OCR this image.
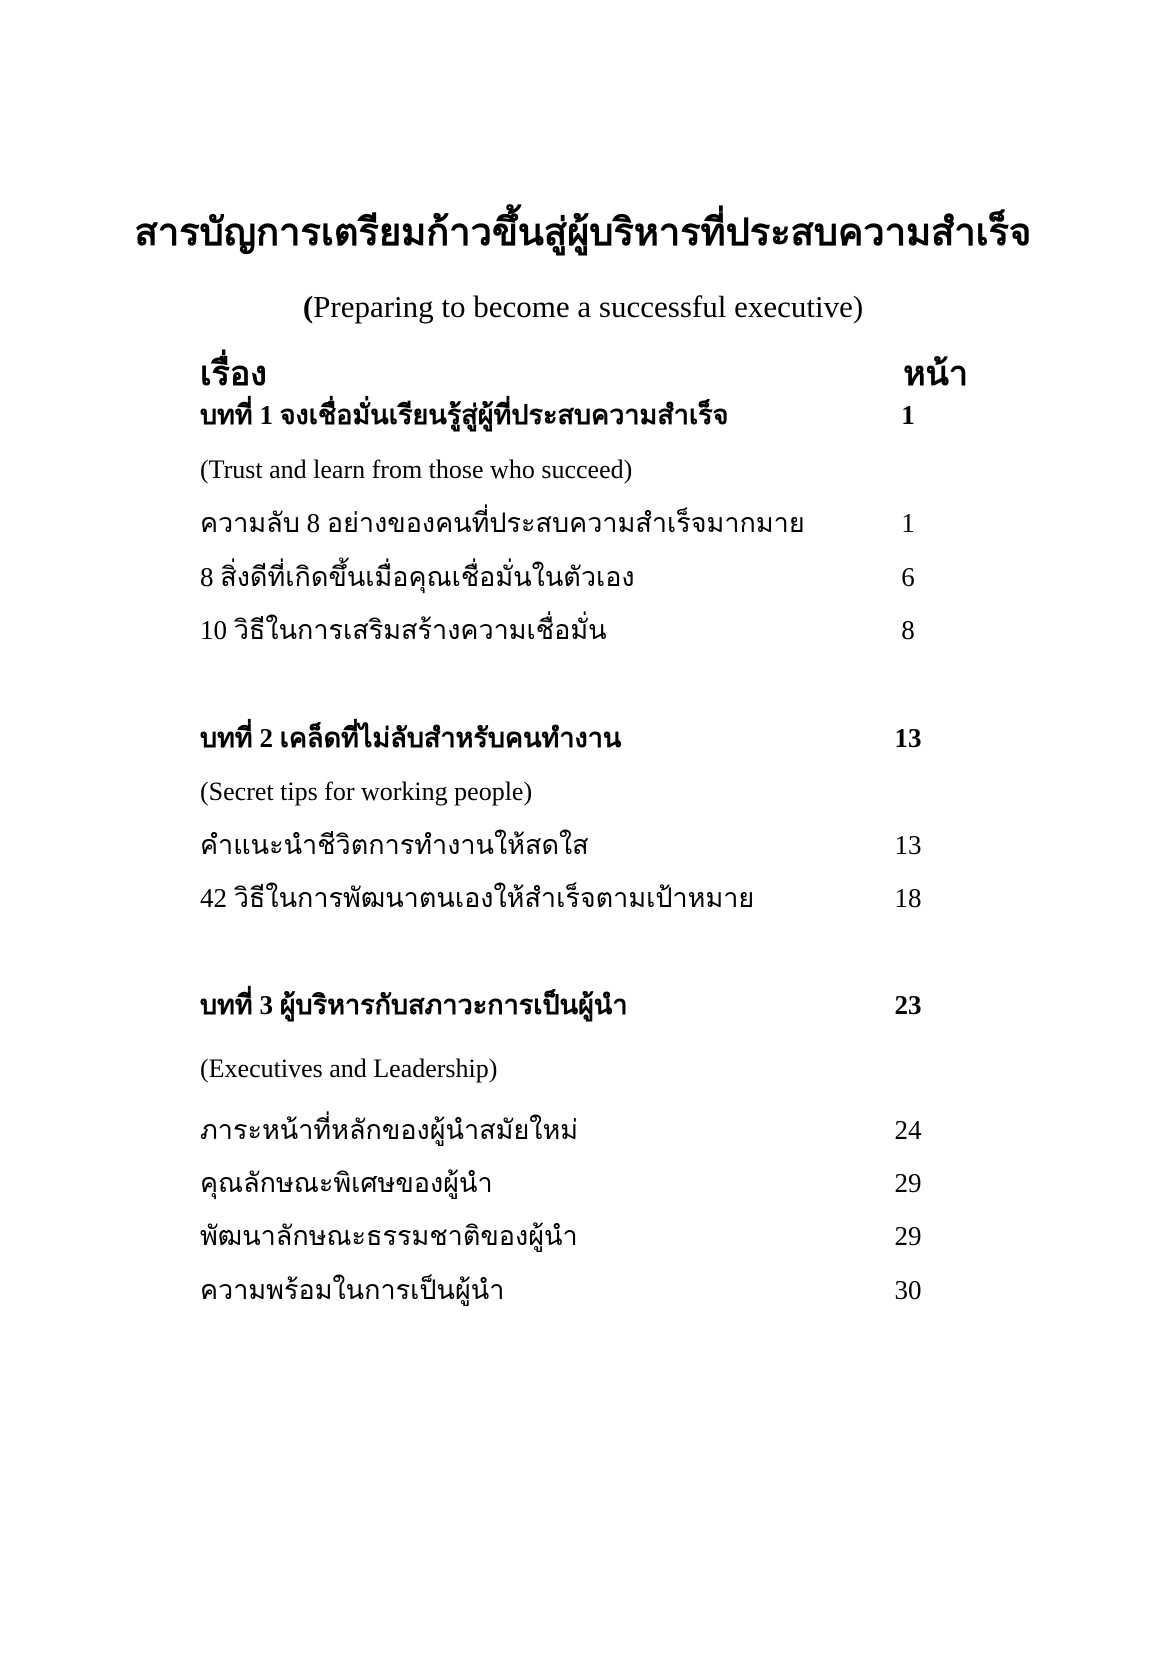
สารบัญการเตรียมก้าวขึ้นสู่ผู้บริหารที่ประสบความสำเร็จ
(Preparing to become a successful executive)
เรื่อง	หน้า
บทที่ 1 จงเชื่อมั่นเรียนรู้สู่ผู้ที่ประสบความสำเร็จ	1
(Trust and learn from those who succeed)
ความลับ 8 อย่างของคนที่ประสบความสำเร็จมากมาย	1
8 สิ่งดีที่เกิดขึ้นเมื่อคุณเชื่อมั่นในตัวเอง	6
10 วิธีในการเสริมสร้างความเชื่อมั่น	8
บทที่ 2 เคล็ดที่ไม่ลับสำหรับคนทำงาน	13
(Secret tips for working people)
คำแนะนำชีวิตการทำงานให้สดใส	13
42 วิธีในการพัฒนาตนเองให้สำเร็จตามเป้าหมาย	18
บทที่ 3 ผู้บริหารกับสภาวะการเป็นผู้นำ	23
(Executives and Leadership)
ภาระหน้าที่หลักของผู้นำสมัยใหม่	24
คุณลักษณะพิเศษของผู้นำ	29
พัฒนาลักษณะธรรมชาติของผู้นำ	29
ความพร้อมในการเป็นผู้นำ	30
